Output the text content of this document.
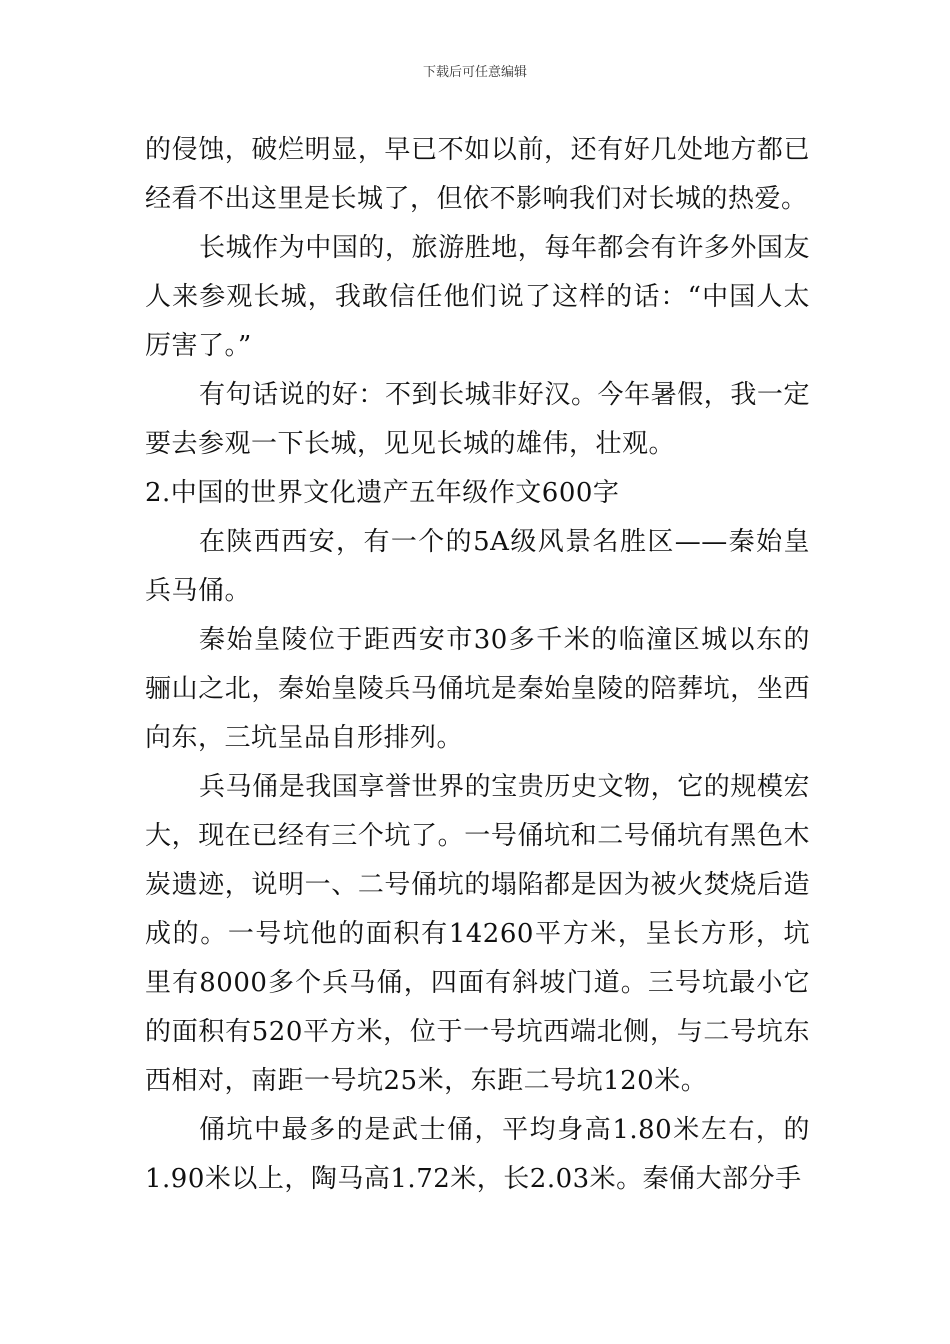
下载后可任意编辑

的侵蚀，破烂明显，早已不如以前，还有好几处地方都已经看不出这里是长城了，但依不影响我们对长城的热爱。

长城作为中国的，旅游胜地，每年都会有许多外国友人来参观长城，我敢信任他们说了这样的话：“中国人太厉害了。”

有句话说的好：不到长城非好汉。今年暑假，我一定要去参观一下长城，见见长城的雄伟，壮观。

2.中国的世界文化遗产五年级作文600字

在陕西西安，有一个的5A级风景名胜区——秦始皇兵马俑。

秦始皇陵位于距西安市30多千米的临潼区城以东的骊山之北，秦始皇陵兵马俑坑是秦始皇陵的陪葬坑，坐西向东，三坑呈品自形排列。

兵马俑是我国享誉世界的宝贵历史文物，它的规模宏大，现在已经有三个坑了。一号俑坑和二号俑坑有黑色木炭遗迹，说明一、二号俑坑的塌陷都是因为被火焚烧后造成的。一号坑他的面积有14260平方米，呈长方形，坑里有8000多个兵马俑，四面有斜坡门道。三号坑最小它的面积有520平方米，位于一号坑西端北侧，与二号坑东西相对，南距一号坑25米，东距二号坑120米。

俑坑中最多的是武士俑，平均身高1.80米左右，的1.90米以上，陶马高1.72米，长2.03米。秦俑大部分手
